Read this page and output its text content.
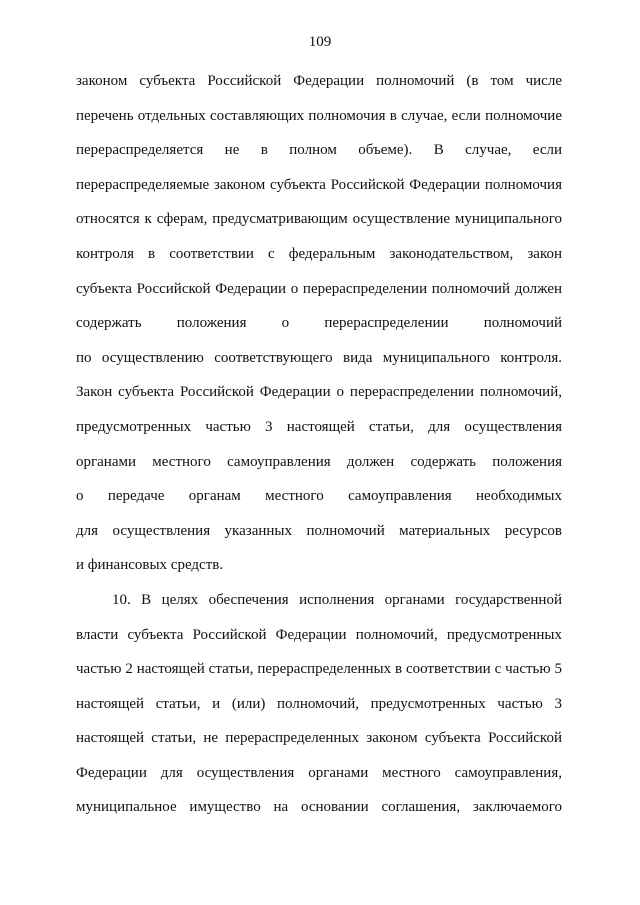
109
законом субъекта Российской Федерации полномочий (в том числе
перечень отдельных составляющих полномочия в случае, если полномочие
перераспределяется не в полном объеме). В случае, если
перераспределяемые законом субъекта Российской Федерации полномочия
относятся к сферам, предусматривающим осуществление муниципального
контроля в соответствии с федеральным законодательством, закон
субъекта Российской Федерации о перераспределении полномочий должен
содержать положения о перераспределении полномочий
по осуществлению соответствующего вида муниципального контроля.
Закон субъекта Российской Федерации о перераспределении полномочий,
предусмотренных частью 3 настоящей статьи, для осуществления
органами местного самоуправления должен содержать положения
о передаче органам местного самоуправления необходимых
для осуществления указанных полномочий материальных ресурсов
и финансовых средств.
10. В целях обеспечения исполнения органами государственной
власти субъекта Российской Федерации полномочий, предусмотренных
частью 2 настоящей статьи, перераспределенных в соответствии с частью 5
настоящей статьи, и (или) полномочий, предусмотренных частью 3
настоящей статьи, не перераспределенных законом субъекта Российской
Федерации для осуществления органами местного самоуправления,
муниципальное имущество на основании соглашения, заключаемого
